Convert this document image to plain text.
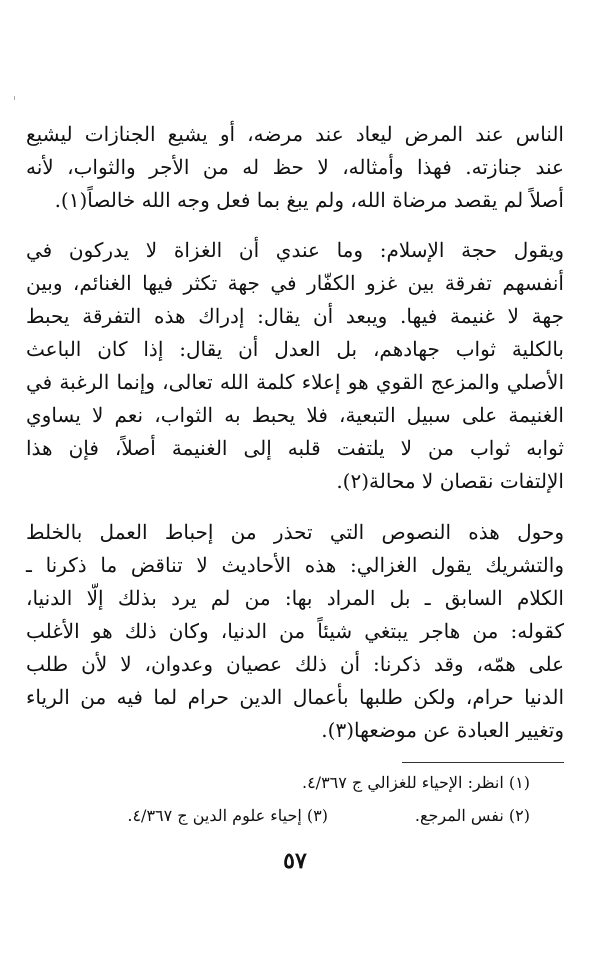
الناس عند المرض ليعاد عند مرضه، أو يشيع الجنازات ليشيع
عند جنازته. فهذا وأمثاله، لا حظ له من الأجر والثواب، لأنه
أصلاً لم يقصد مرضاة الله، ولم يبغ بما فعل وجه الله خالصاً(١).
ويقول حجة الإسلام: وما عندي أن الغزاة لا يدركون في
أنفسهم تفرقة بين غزو الكفّار في جهة تكثر فيها الغنائم، وبين
جهة لا غنيمة فيها. ويبعد أن يقال: إدراك هذه التفرقة يحبط
بالكلية ثواب جهادهم، بل العدل أن يقال: إذا كان الباعث
الأصلي والمزعج القوي هو إعلاء كلمة الله تعالى، وإنما الرغبة في
الغنيمة على سبيل التبعية، فلا يحبط به الثواب، نعم لا يساوي
ثوابه ثواب من لا يلتفت قلبه إلى الغنيمة أصلاً، فإن هذا
الإلتفات نقصان لا محالة(٢).
وحول هذه النصوص التي تحذر من إحباط العمل بالخلط
والتشريك يقول الغزالي: هذه الأحاديث لا تناقض ما ذكرنا ـ
الكلام السابق ـ بل المراد بها: من لم يرد بذلك إلّا الدنيا،
كقوله: من هاجر يبتغي شيئاً من الدنيا، وكان ذلك هو الأغلب
على همّه، وقد ذكرنا: أن ذلك عصيان وعدوان، لا لأن طلب
الدنيا حرام، ولكن طلبها بأعمال الدين حرام لما فيه من الرياء
وتغيير العبادة عن موضعها(٣).
(١) انظر: الإحياء للغزالي ج ٤/٣٦٧.
(٢) نفس المرجع.
(٣) إحياء علوم الدين ج ٤/٣٦٧.
٥٧
